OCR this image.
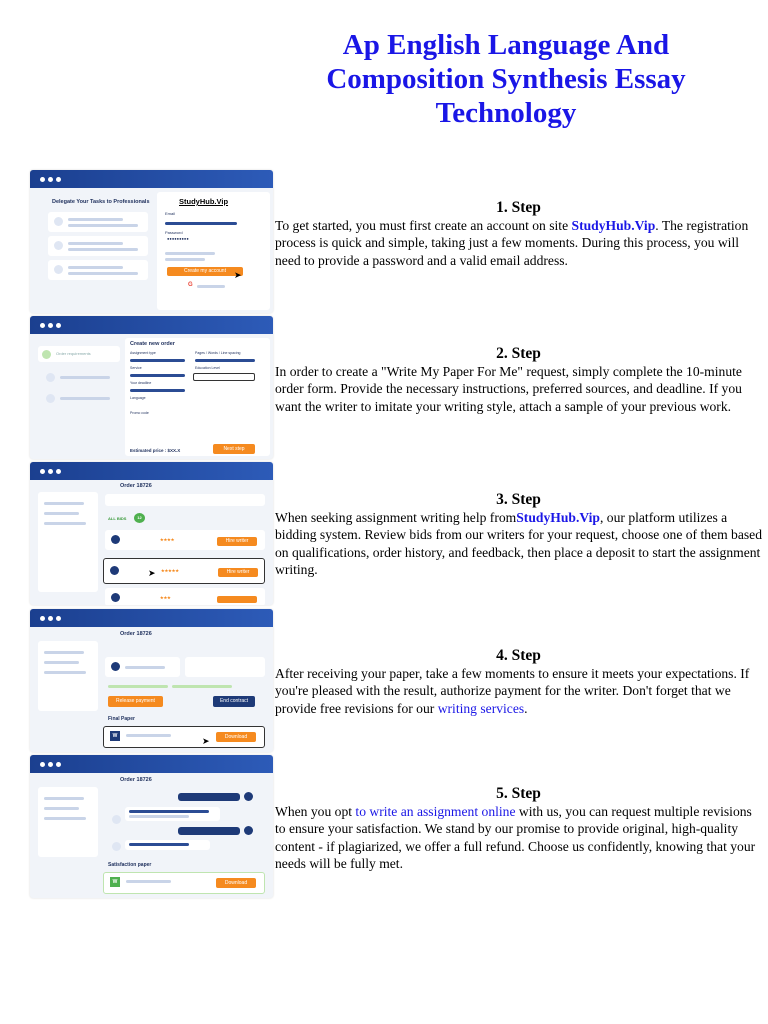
Ap English Language And
Composition Synthesis Essay
Technology
Delegate Your Tasks to Professionals	StudyHub.Vip
Email
Password
●●●●●●●●●
Create my account ➤
G
1. Step

To get started, you must first create an account on site StudyHub.Vip. The registration process is quick and simple, taking just a few moments. During this process, you will need to provide a password and a valid email address.

Order requirements
Create new order
Assignment type	Pages / Words / Line spacing
Service	Education Level
Your deadline
Language
Promo code
Estimated price : $XX.X	Next step
2. Step

In order to create a "Write My Paper For Me" request, simply complete the 10-minute order form. Provide the necessary instructions, preferred sources, and deadline. If you want the writer to imitate your writing style, attach a sample of your previous work.

Order 18726
ALL BIDS	12
★★★★	Hire writer
★★★★★	Hire writer
➤
★★★
3. Step

When seeking assignment writing help fromStudyHub.Vip, our platform utilizes a bidding system. Review bids from our writers for your request, choose one of them based on qualifications, order history, and feedback, then place a deposit to start the assignment writing.

Order 18726
Release payment	End contract
Final Paper
W	Download
➤
4. Step

After receiving your paper, take a few moments to ensure it meets your expectations. If you're pleased with the result, authorize payment for the writer. Don't forget that we provide free revisions for our writing services.

Order 18726
Satisfaction paper
W	Download
5. Step

When you opt to write an assignment online with us, you can request multiple revisions to ensure your satisfaction. We stand by our promise to provide original, high-quality content - if plagiarized, we offer a full refund. Choose us confidently, knowing that your needs will be fully met.
